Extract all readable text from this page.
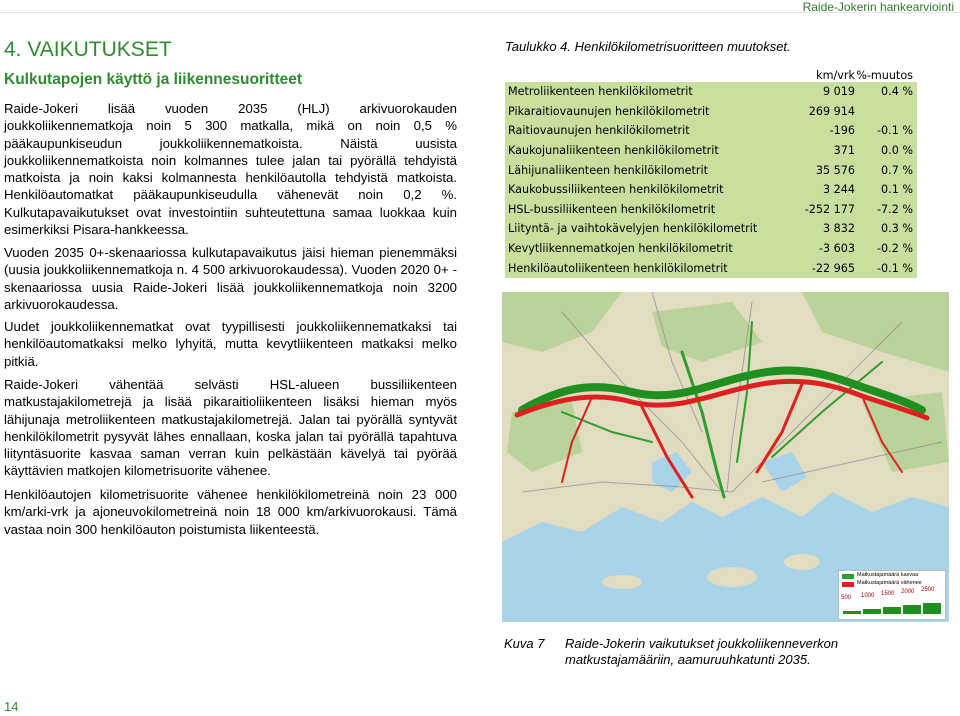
Raide-Jokerin hankearviointi
4. VAIKUTUKSET
Kulkutapojen käyttö ja liikennesuoritteet
Raide-Jokeri lisää vuoden 2035 (HLJ) arkivuorokauden joukkoliikennematkoja noin 5 300 matkalla, mikä on noin 0,5 % pääkaupunkiseudun joukkoliikennematkoista. Näistä uusista joukkoliikennematkoista noin kolmannes tulee jalan tai pyörällä tehdyistä matkoista ja noin kaksi kolmannesta henkilöautolla tehdyistä matkoista. Henkilöautomatkat pääkaupunkiseudulla vähenevät noin 0,2 %. Kulkutapavaikutukset ovat investointiin suhteutettuna samaa luokkaa kuin esimerkiksi Pisara-hankkeessa.
Vuoden 2035 0+-skenaariossa kulkutapavaikutus jäisi hieman pienemmäksi (uusia joukkoliikennematkoja n. 4 500 arkivuorokaudessa). Vuoden 2020 0+ -skenaariossa uusia Raide-Jokeri lisää joukkoliikennematkoja noin 3200 arkivuorokaudessa.
Uudet joukkoliikennematkat ovat tyypillisesti joukkoliikennematkaksi tai henkilöautomatkaksi melko lyhyitä, mutta kevytliikenteen matkaksi melko pitkiä.
Raide-Jokeri vähentää selvästi HSL-alueen bussiliikenteen matkustajakilometrejä ja lisää pikaraitioliikenteen lisäksi hieman myös lähijunaja metroliikenteen matkustajakilometrejä. Jalan tai pyörällä syntyvät henkilökilometrit pysyvät lähes ennallaan, koska jalan tai pyörällä tapahtuva liityntäsuorite kasvaa saman verran kuin pelkästään kävelyä tai pyörää käyttävien matkojen kilometrisuorite vähenee.
Henkilöautojen kilometrisuorite vähenee henkilökilometreinä noin 23 000 km/arki-vrk ja ajoneuvokilometreinä noin 18 000 km/arkivuorokausi. Tämä vastaa noin 300 henkilöauton poistumista liikenteestä.
Taulukko 4. Henkilökilometrisuoritteen muutokset.
km/vrk %-muutos
Metroliikenteen henkilökilometrit	9 019	0.4 %
Pikaraitiovaunujen henkilökilometrit	269 914
Raitiovaunujen henkilökilometrit	-196	-0.1 %
Kaukojunaliikenteen henkilökilometrit	371	0.0 %
Lähijunaliikenteen henkilökilometrit	35 576	0.7 %
Kaukobussiliikenteen henkilökilometrit	3 244	0.1 %
HSL-bussiliikenteen henkilökilometrit	-252 177	-7.2 %
Liityntä- ja vaihtokävelyjen henkilökilometrit	3 832	0.3 %
Kevytliikennematkojen henkilökilometrit	-3 603	-0.2 %
Henkilöautoliikenteen henkilökilometrit	-22 965	-0.1 %
Matkustajamäärä kasvaa
Matkustajamäärä vähenee
500 1000 1500 2000 2500
Kuva 7 Raide-Jokerin vaikutukset joukkoliikenneverkon matkustajamääriin, aamuruuhkatunti 2035.
14
